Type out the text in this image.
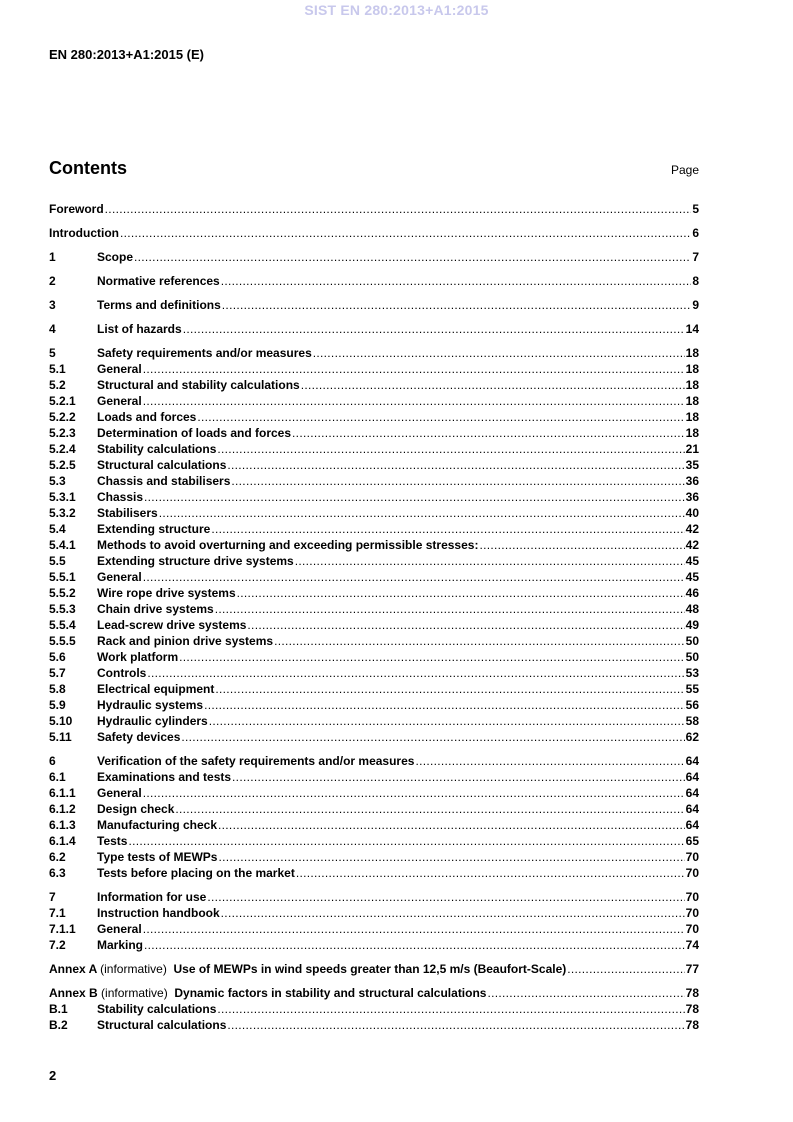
SIST EN 280:2013+A1:2015
EN 280:2013+A1:2015 (E)
Contents	Page
Foreword .....	5
Introduction .....	6
1	Scope .....	7
2	Normative references .....	8
3	Terms and definitions .....	9
4	List of hazards .....	14
5	Safety requirements and/or measures .....	18
5.1	General .....	18
5.2	Structural and stability calculations .....	18
5.2.1	General .....	18
5.2.2	Loads and forces .....	18
5.2.3	Determination of loads and forces .....	18
5.2.4	Stability calculations .....	21
5.2.5	Structural calculations .....	35
5.3	Chassis and stabilisers .....	36
5.3.1	Chassis .....	36
5.3.2	Stabilisers .....	40
5.4	Extending structure .....	42
5.4.1	Methods to avoid overturning and exceeding permissible stresses: .....	42
5.5	Extending structure drive systems .....	45
5.5.1	General .....	45
5.5.2	Wire rope drive systems .....	46
5.5.3	Chain drive systems .....	48
5.5.4	Lead-screw drive systems .....	49
5.5.5	Rack and pinion drive systems .....	50
5.6	Work platform .....	50
5.7	Controls .....	53
5.8	Electrical equipment .....	55
5.9	Hydraulic systems .....	56
5.10	Hydraulic cylinders .....	58
5.11	Safety devices .....	62
6	Verification of the safety requirements and/or measures .....	64
6.1	Examinations and tests .....	64
6.1.1	General .....	64
6.1.2	Design check .....	64
6.1.3	Manufacturing check .....	64
6.1.4	Tests .....	65
6.2	Type tests of MEWPs .....	70
6.3	Tests before placing on the market .....	70
7	Information for use .....	70
7.1	Instruction handbook .....	70
7.1.1	General .....	70
7.2	Marking .....	74
Annex A (informative) Use of MEWPs in wind speeds greater than 12,5 m/s (Beaufort-Scale) .....	77
Annex B (informative) Dynamic factors in stability and structural calculations .....	78
B.1	Stability calculations .....	78
B.2	Structural calculations .....	78
2
